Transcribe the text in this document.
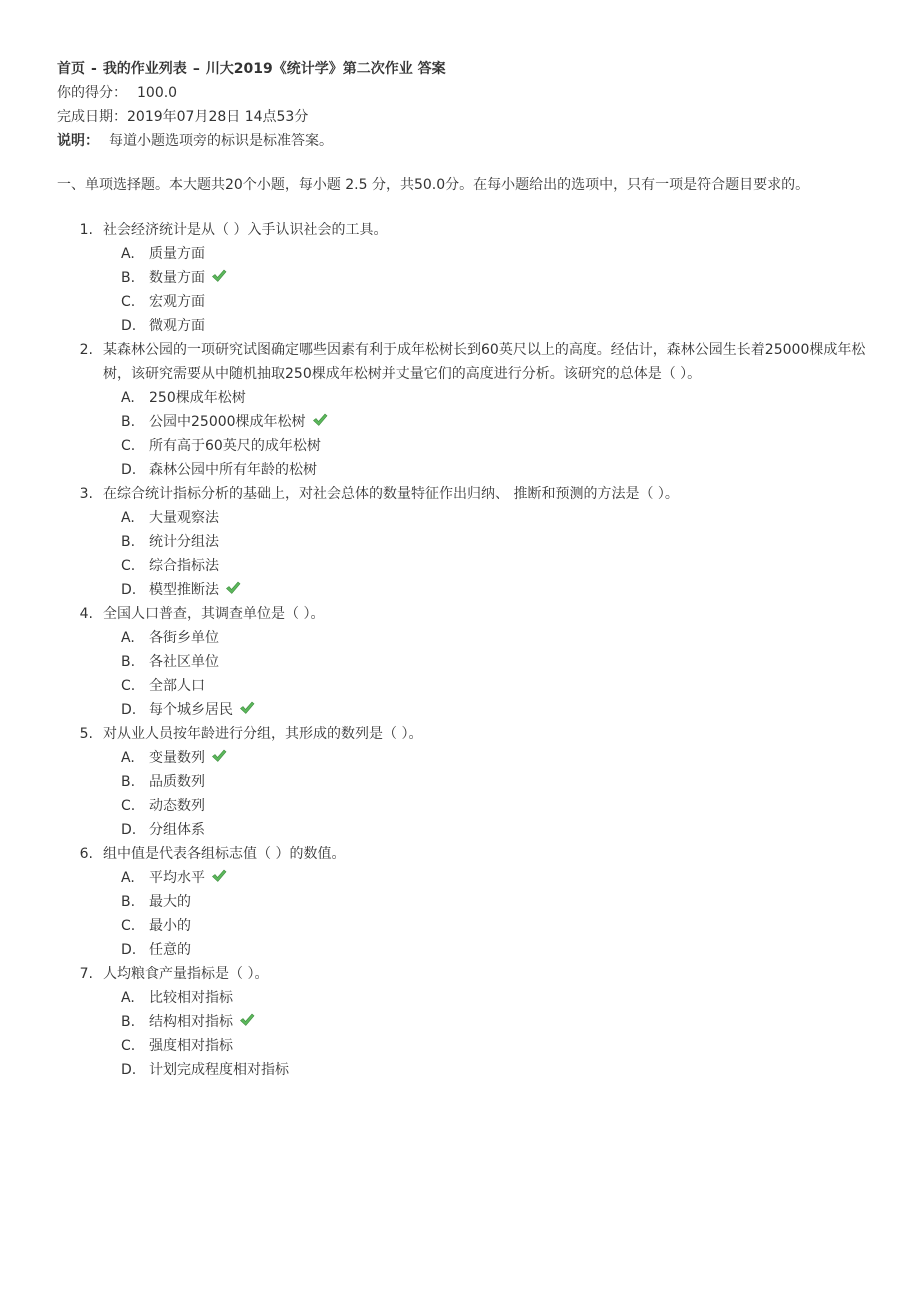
首页 - 我的作业列表 – 川大2019《统计学》第二次作业 答案
你的得分： 100.0
完成日期：2019年07月28日 14点53分
说明： 每道小题选项旁的标识是标准答案。
一、单项选择题。本大题共20个小题，每小题 2.5 分，共50.0分。在每小题给出的选项中，只有一项是符合题目要求的。
1. 社会经济统计是从（ ）入手认识社会的工具。
A. 质量方面
B. 数量方面
C. 宏观方面
D. 微观方面
2. 某森林公园的一项研究试图确定哪些因素有利于成年松树长到60英尺以上的高度。经估计，森林公园生长着25000棵成年松树，该研究需要从中随机抽取250棵成年松树并丈量它们的高度进行分析。该研究的总体是（ ）。
A. 250棵成年松树
B. 公园中25000棵成年松树
C. 所有高于60英尺的成年松树
D. 森林公园中所有年龄的松树
3. 在综合统计指标分析的基础上，对社会总体的数量特征作出归纳、 推断和预测的方法是（ ）。
A. 大量观察法
B. 统计分组法
C. 综合指标法
D. 模型推断法
4. 全国人口普查，其调查单位是（ ）。
A. 各街乡单位
B. 各社区单位
C. 全部人口
D. 每个城乡居民
5. 对从业人员按年龄进行分组，其形成的数列是（ ）。
A. 变量数列
B. 品质数列
C. 动态数列
D. 分组体系
6. 组中值是代表各组标志值（ ）的数值。
A. 平均水平
B. 最大的
C. 最小的
D. 任意的
7. 人均粮食产量指标是（ ）。
A. 比较相对指标
B. 结构相对指标
C. 强度相对指标
D. 计划完成程度相对指标
